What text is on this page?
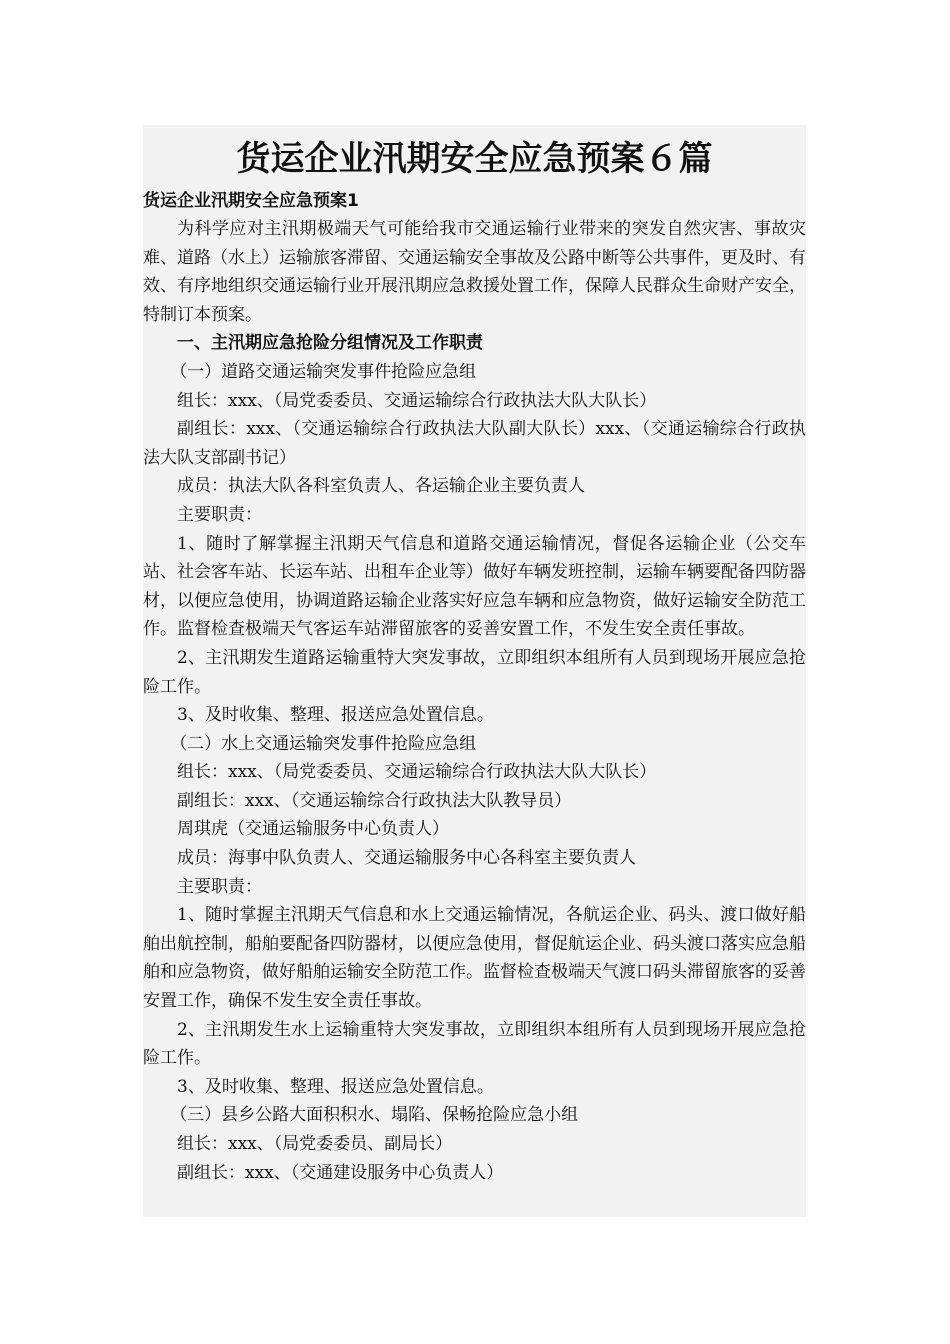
货运企业汛期安全应急预案６篇
货运企业汛期安全应急预案1

为科学应对主汛期极端天气可能给我市交通运输行业带来的突发自然灾害、事故灾难、道路（水上）运输旅客滞留、交通运输安全事故及公路中断等公共事件，更及时、有效、有序地组织交通运输行业开展汛期应急救援处置工作，保障人民群众生命财产安全，特制订本预案。

一、主汛期应急抢险分组情况及工作职责

（一）道路交通运输突发事件抢险应急组

组长：xxx、（局党委委员、交通运输综合行政执法大队大队长）

副组长：xxx、（交通运输综合行政执法大队副大队长）xxx、（交通运输综合行政执法大队支部副书记）

成员：执法大队各科室负责人、各运输企业主要负责人

主要职责：

1、随时了解掌握主汛期天气信息和道路交通运输情况，督促各运输企业（公交车站、社会客车站、长运车站、出租车企业等）做好车辆发班控制，运输车辆要配备四防器材，以便应急使用，协调道路运输企业落实好应急车辆和应急物资，做好运输安全防范工作。监督检查极端天气客运车站滞留旅客的妥善安置工作，不发生安全责任事故。

2、主汛期发生道路运输重特大突发事故，立即组织本组所有人员到现场开展应急抢险工作。

3、及时收集、整理、报送应急处置信息。

（二）水上交通运输突发事件抢险应急组

组长：xxx、（局党委委员、交通运输综合行政执法大队大队长）

副组长：xxx、（交通运输综合行政执法大队教导员）

周琪虎（交通运输服务中心负责人）

成员：海事中队负责人、交通运输服务中心各科室主要负责人

主要职责：

1、随时掌握主汛期天气信息和水上交通运输情况，各航运企业、码头、渡口做好船舶出航控制，船舶要配备四防器材，以便应急使用，督促航运企业、码头渡口落实应急船舶和应急物资，做好船舶运输安全防范工作。监督检查极端天气渡口码头滞留旅客的妥善安置工作，确保不发生安全责任事故。

2、主汛期发生水上运输重特大突发事故，立即组织本组所有人员到现场开展应急抢险工作。

3、及时收集、整理、报送应急处置信息。

（三）县乡公路大面积积水、塌陷、保畅抢险应急小组

组长：xxx、（局党委委员、副局长）

副组长：xxx、（交通建设服务中心负责人）
